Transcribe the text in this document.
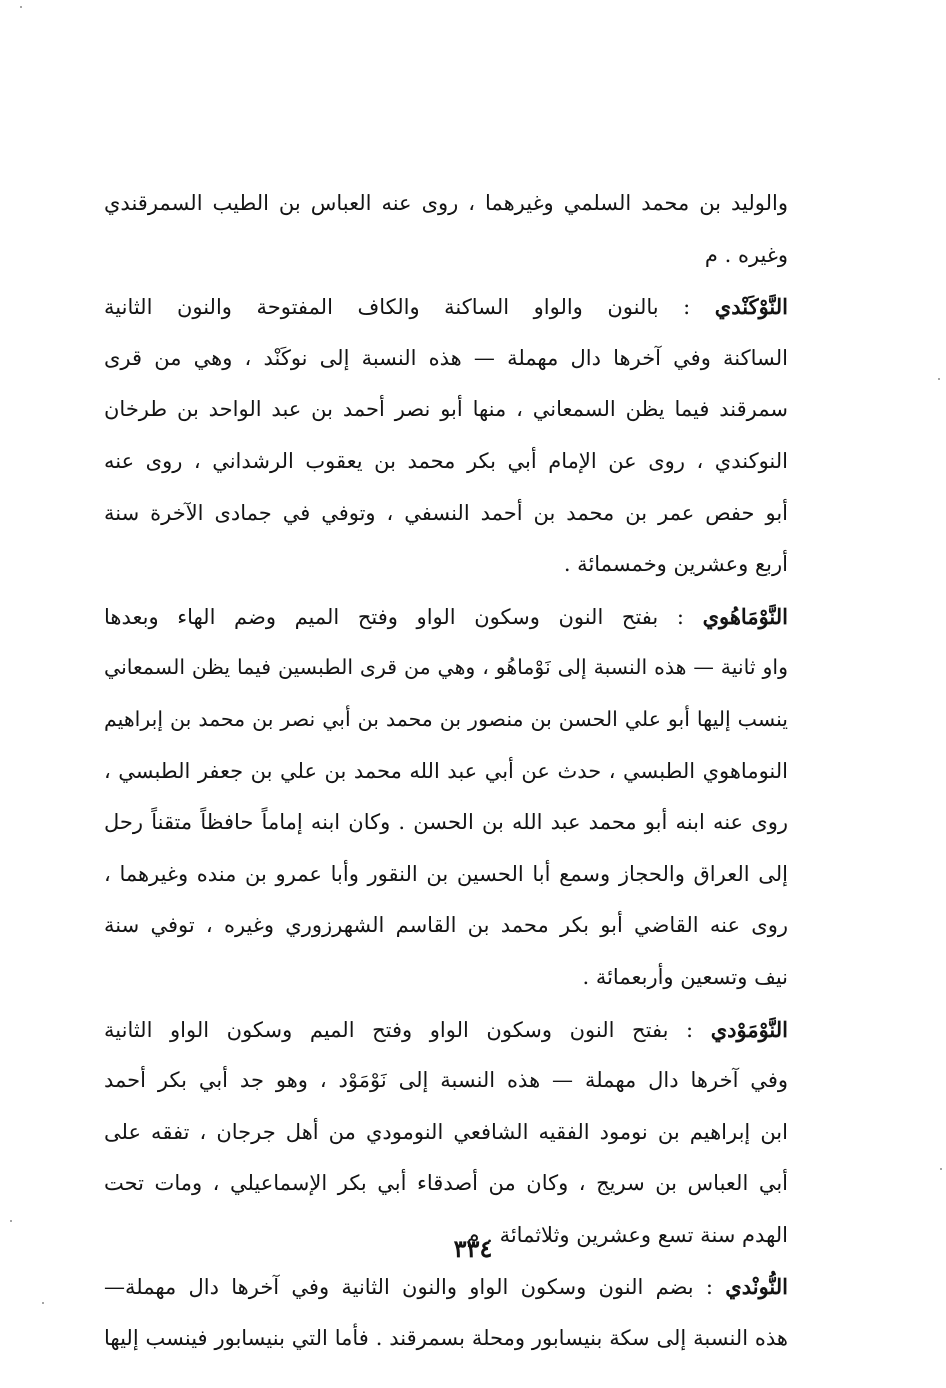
والوليد بن محمد السلمي وغيرهما ، روى عنه العباس بن الطيب السمرقندي
وغيره . م
النَّوْكَنْدي : بالنون والواو الساكنة والكاف المفتوحة والنون الثانية
الساكنة وفي آخرها دال مهملة — هذه النسبة إلى نوكَنْد ، وهي من قرى
سمرقند فيما يظن السمعاني ، منها أبو نصر أحمد بن عبد الواحد بن طرخان
النوكندي ، روى عن الإمام أبي بكر محمد بن يعقوب الرشداني ، روى عنه
أبو حفص عمر بن محمد بن أحمد النسفي ، وتوفي في جمادى الآخرة سنة
أربع وعشرين وخمسمائة .
النَّوْمَاهُوي : بفتح النون وسكون الواو وفتح الميم وضم الهاء وبعدها
واو ثانية — هذه النسبة إلى نَوْماهُو ، وهي من قرى الطبسين فيما يظن السمعاني
ينسب إليها أبو علي الحسن بن منصور بن محمد بن أبي نصر بن محمد بن إبراهيم
النوماهوي الطبسي ، حدث عن أبي عبد الله محمد بن علي بن جعفر الطبسي ،
روى عنه ابنه أبو محمد عبد الله بن الحسن . وكان ابنه إماماً حافظاً متقناً رحل
إلى العراق والحجاز وسمع أبا الحسين بن النقور وأبا عمرو بن منده وغيرهما ،
روى عنه القاضي أبو بكر محمد بن القاسم الشهرزوري وغيره ، توفي سنة
نيف وتسعين وأربعمائة .
النَّوْمَوْدي : بفتح النون وسكون الواو وفتح الميم وسكون الواو الثانية
وفي آخرها دال مهملة — هذه النسبة إلى نَوْمَوْد ، وهو جد أبي بكر أحمد
ابن إبراهيم بن نومود الفقيه الشافعي النومودي من أهل جرجان ، تفقه على
أبي العباس بن سريج ، وكان من أصدقاء أبي بكر الإسماعيلي ، ومات تحت
الهدم سنة تسع وعشرين وثلاثمائة . م
النُّونْدي : بضم النون وسكون الواو والنون الثانية وفي آخرها دال مهملة—
هذه النسبة إلى سكة بنيسابور ومحلة بسمرقند . فأما التي بنيسابور فينسب إليها
٣٣٤
